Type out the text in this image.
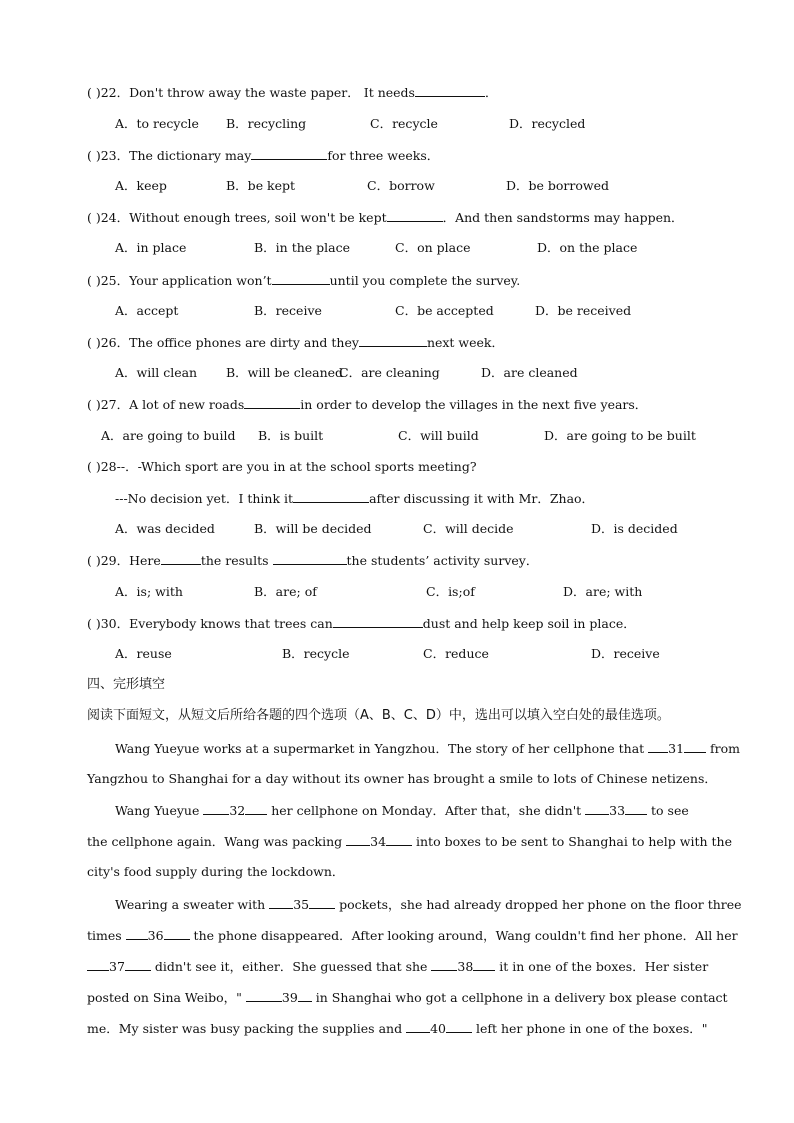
( )22．Don't throw away the waste paper． It needs	．
A．to recycle B．recycling	C．recycle	D．recycled
( )23．The dictionary may	for three weeks．
A．keep	B．be kept	C．borrow	D．be borrowed
( )24．Without enough trees, soil won't be kept	．And then sandstorms may happen．
A．in place	B．in the place	C．on place	D．on the place
( )25．Your application won’t	until you complete the survey.
A．accept	B．receive	C．be accepted	D．be received
( )26．The office phones are dirty and they	next week．
A．will clean B．will be cleaned
C．are cleaning	D．are cleaned
( )27．A lot of new roads	in order to develop the villages in the next five years．
A．are going to build B．is built	C．will build	D．are going to be built
( )28--．-Which sport are you in at the school sports meeting?
---No decision yet．I think it	after discussing it with Mr．Zhao．
A．was decided	B．will be decided	C．will decide	D．is decided
( )29．Here	the results	the students’ activity survey．
A．is; with	B．are; of	C．is;of	D．are; with
( )30．Everybody knows that trees can	dust and help keep soil in place．
A．reuse	B．recycle	C．reduce	D．receive
四、完形填空
阅读下面短文，从短文后所给各题的四个选项（A、B、C、D）中，选出可以填入空白处的最佳选项。
Wang Yueyue works at a supermarket in Yangzhou．The story of her cellphone that 31 from
Yangzhou to Shanghai for a day without its owner has brought a smile to lots of Chinese netizens．
Wang Yueyue 32 her cellphone on Monday．After that，she didn't 33 to see
the cellphone again．Wang was packing 34 into boxes to be sent to Shanghai to help with the
city's food supply during the lockdown．
Wearing a sweater with 35 pockets，she had already dropped her phone on the floor three
times 36 the phone disappeared．After looking around，Wang couldn't find her phone．All her
37 didn't see it，either．She guessed that she 38 it in one of the boxes．Her sister
posted on Sina Weibo，"	39 in Shanghai who got a cellphone in a delivery box please contact
me．My sister was busy packing the supplies and 40 left her phone in one of the boxes．"
